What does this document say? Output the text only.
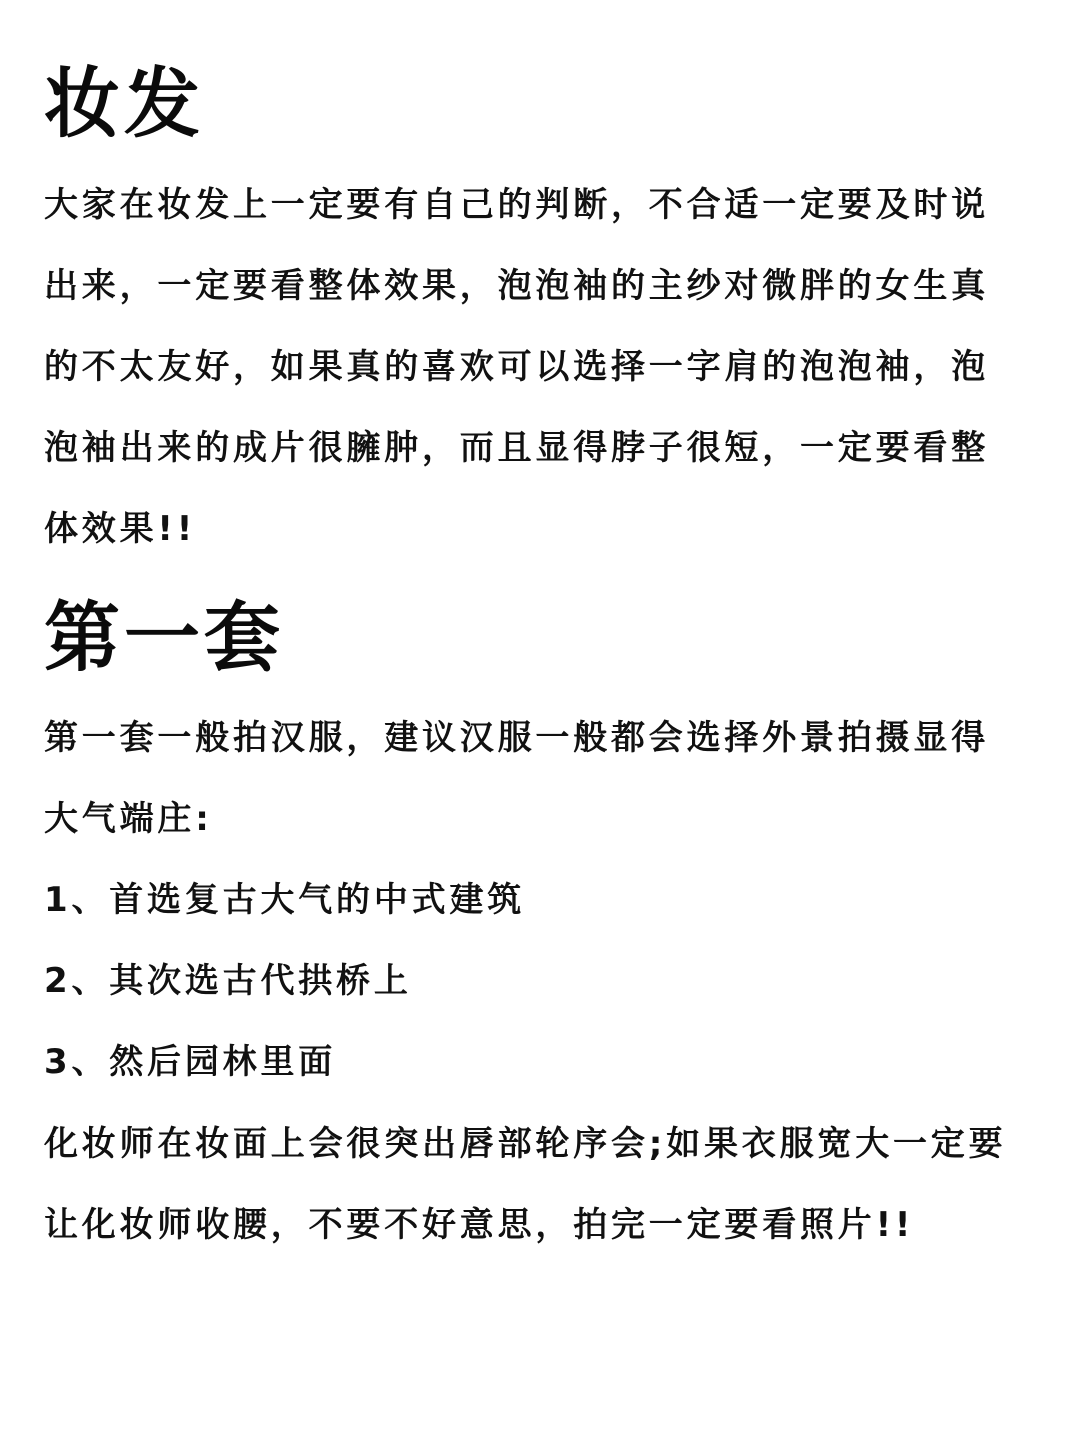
妆发

大家在妆发上一定要有自己的判断，不合适一定要及时说出来，一定要看整体效果，泡泡袖的主纱对微胖的女生真的不太友好，如果真的喜欢可以选择一字肩的泡泡袖，泡泡袖出来的成片很臃肿，而且显得脖子很短，一定要看整体效果!!

第一套

第一套一般拍汉服，建议汉服一般都会选择外景拍摄显得大气端庄:

1、首选复古大气的中式建筑

2、其次选古代拱桥上

3、然后园林里面

化妆师在妆面上会很突出唇部轮序会;如果衣服宽大一定要让化妆师收腰，不要不好意思，拍完一定要看照片!!
